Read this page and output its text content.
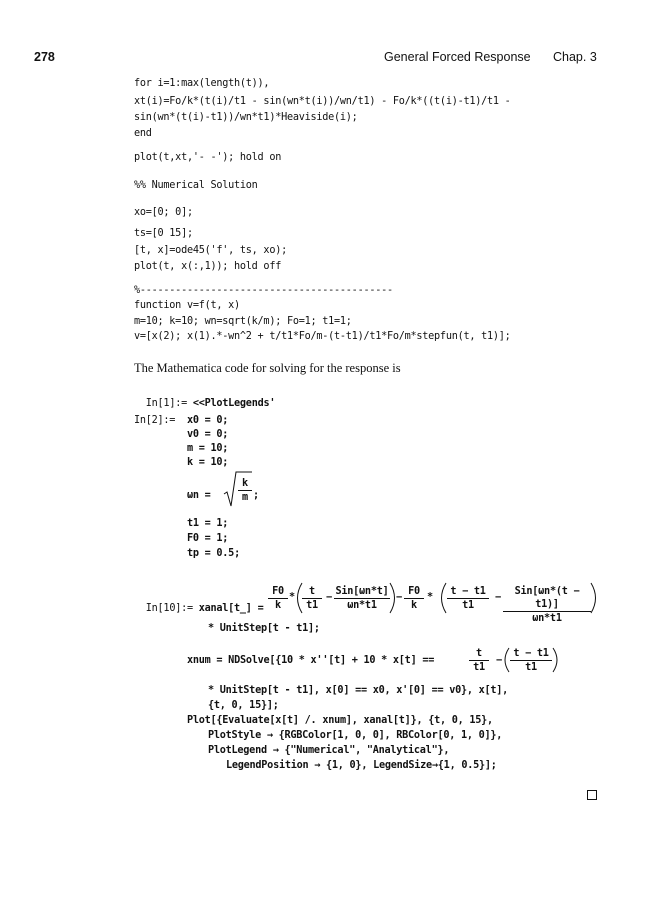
278	General Forced Response Chap. 3
for i=1:max(length(t)),
xt(i)=Fo/k*(t(i)/t1 - sin(wn*t(i))/wn/t1) - Fo/k*((t(i)-t1)/t1 -
sin(wn*(t(i)-t1))/wn*t1)*Heaviside(i);
end
plot(t,xt,'- -'); hold on
%% Numerical Solution
xo=[0; 0];
ts=[0 15];
[t, x]=ode45('f', ts, xo);
plot(t, x(:,1)); hold off
%-------------------------------------------
function v=f(t, x)
m=10; k=10; wn=sqrt(k/m); Fo=1; t1=1;
v=[x(2); x(1).*-wn^2 + t/t1*Fo/m-(t-t1)/t1*Fo/m*stepfun(t, t1)];
The Mathematica code for solving for the response is

In[1]:= <<PlotLegends'

In[2]:= x0 = 0;
v0 = 0;
m = 10;
k = 10;
$\omega n = \frac{k}{m}$ ;
t1 = 1;
F0 = 1;
tp = 0.5;

In[10]:= xanal[t_] =

$\frac{F0}{k} * \frac{t}{t1}$ −
Sin[ωn*t]
ωn*t1
− $\frac{F0}{k} * \frac{t - t1}{t1}$ −
Sin[ωn*(t − t1)]
ωn*t1
* UnitStep[t - t1];
xnum = NDSolve[{10 * x''[t] + 10 * x[t] ==	$\frac{t}{t1} - \frac{t - t1}{t1}$
* UnitStep[t - t1], x[0] == x0, x'[0] == v0}, x[t],
{t, 0, 15}];
Plot[{Evaluate[x[t] /. xnum], xanal[t]}, {t, 0, 15},
PlotStyle → {RGBColor[1, 0, 0], RBColor[0, 1, 0]},
PlotLegend → {"Numerical", "Analytical"},
LegendPosition → {1, 0}, LegendSize→{1, 0.5}];
